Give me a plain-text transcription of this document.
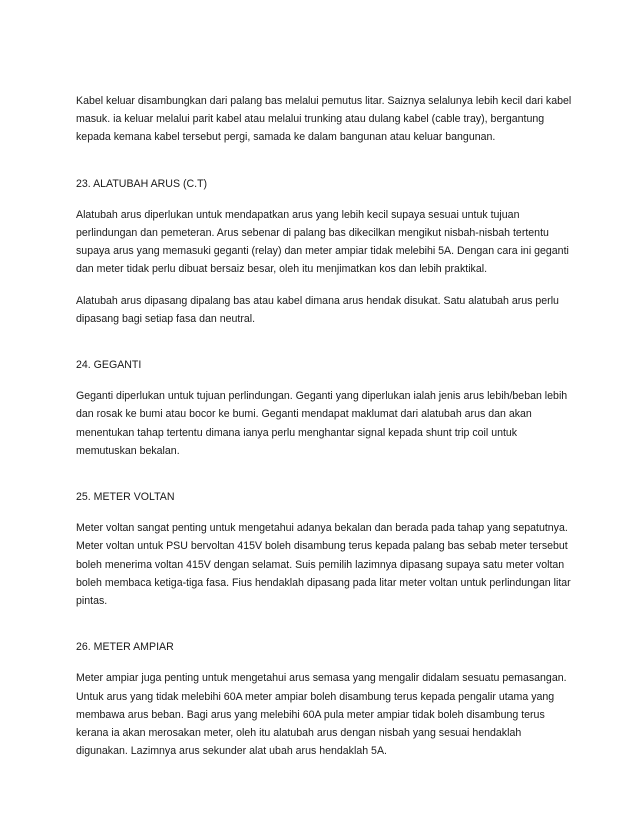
Kabel keluar disambungkan dari palang bas melalui pemutus litar. Saiznya selalunya lebih kecil dari kabel masuk. ia keluar melalui parit kabel atau melalui trunking atau dulang kabel (cable tray), bergantung kepada kemana kabel tersebut pergi, samada ke dalam bangunan atau keluar bangunan.

23. ALATUBAH ARUS (C.T)

Alatubah arus diperlukan untuk mendapatkan arus yang lebih kecil supaya sesuai untuk tujuan perlindungan dan pemeteran. Arus sebenar di palang bas dikecilkan mengikut nisbah-nisbah tertentu supaya arus yang memasuki geganti (relay) dan meter ampiar tidak melebihi 5A. Dengan cara ini geganti dan meter tidak perlu dibuat bersaiz besar, oleh itu menjimatkan kos dan lebih praktikal.

Alatubah arus dipasang dipalang bas atau kabel dimana arus hendak disukat. Satu alatubah arus perlu dipasang bagi setiap fasa dan neutral.

24. GEGANTI

Geganti diperlukan untuk tujuan perlindungan. Geganti yang diperlukan ialah jenis arus lebih/beban lebih dan rosak ke bumi atau bocor ke bumi. Geganti mendapat maklumat dari alatubah arus dan akan menentukan tahap tertentu dimana ianya perlu menghantar signal kepada shunt trip coil untuk memutuskan bekalan.

25. METER VOLTAN

Meter voltan sangat penting untuk mengetahui adanya bekalan dan berada pada tahap yang sepatutnya. Meter voltan untuk PSU bervoltan 415V boleh disambung terus kepada palang bas sebab meter tersebut boleh menerima voltan 415V dengan selamat. Suis pemilih lazimnya dipasang supaya satu meter voltan boleh membaca ketiga-tiga fasa. Fius hendaklah dipasang pada litar meter voltan untuk perlindungan litar pintas.

26. METER AMPIAR

Meter ampiar juga penting untuk mengetahui arus semasa yang mengalir didalam sesuatu pemasangan. Untuk arus yang tidak melebihi 60A meter ampiar boleh disambung terus kepada pengalir utama yang membawa arus beban. Bagi arus yang melebihi 60A pula meter ampiar tidak boleh disambung terus kerana ia akan merosakan meter, oleh itu alatubah arus dengan nisbah yang sesuai hendaklah digunakan. Lazimnya arus sekunder alat ubah arus hendaklah 5A.
